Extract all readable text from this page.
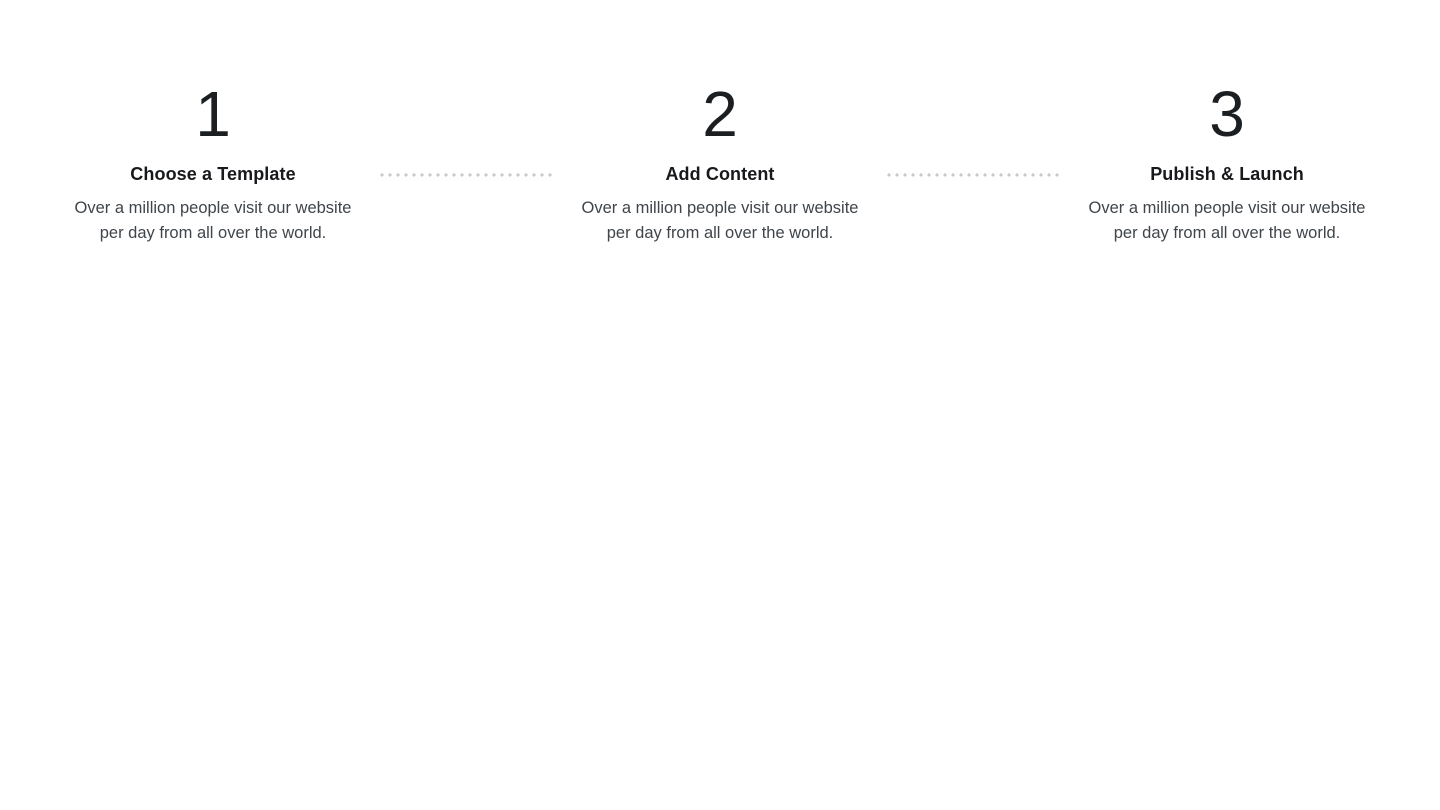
1
Choose a Template
Over a million people visit our website per day from all over the world.
2
Add Content
Over a million people visit our website per day from all over the world.
3
Publish & Launch
Over a million people visit our website per day from all over the world.
